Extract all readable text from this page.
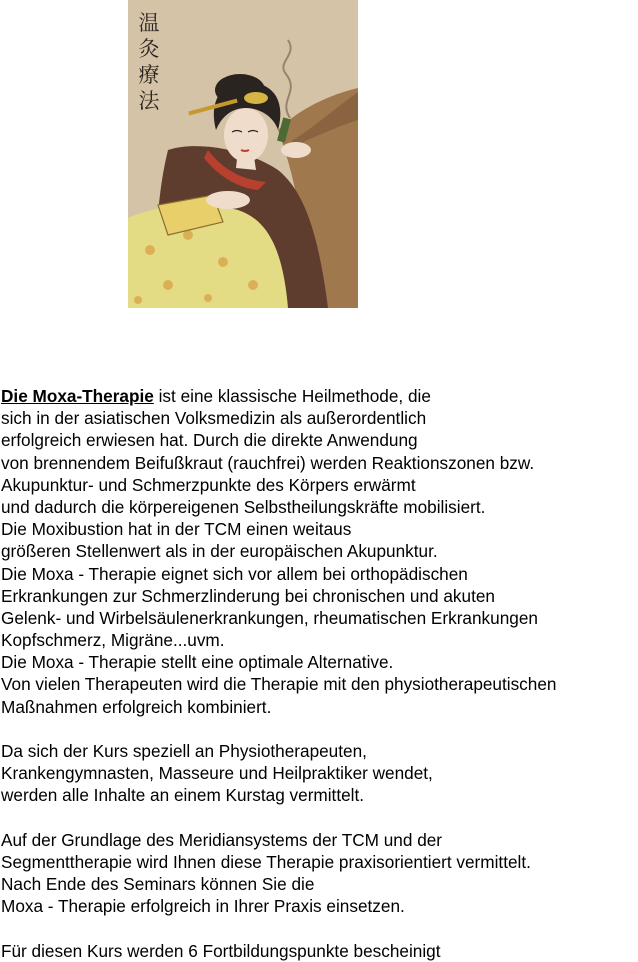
温
灸
療
法
Die Moxa-Therapie ist eine klassische Heilmethode, die
sich in der asiatischen Volksmedizin als außerordentlich
erfolgreich erwiesen hat. Durch die direkte Anwendung
von brennendem Beifußkraut (rauchfrei) werden Reaktionszonen bzw.
Akupunktur- und Schmerzpunkte des Körpers erwärmt
und dadurch die körpereigenen Selbstheilungskräfte mobilisiert.
Die Moxibustion hat in der TCM einen weitaus
größeren Stellenwert als in der europäischen Akupunktur.
Die Moxa - Therapie eignet sich vor allem bei orthopädischen
Erkrankungen zur Schmerzlinderung bei chronischen und akuten
Gelenk- und Wirbelsäulenerkrankungen, rheumatischen Erkrankungen
Kopfschmerz, Migräne...uvm.
Die Moxa - Therapie stellt eine optimale Alternative.
Von vielen Therapeuten wird die Therapie mit den physiotherapeutischen
Maßnahmen erfolgreich kombiniert.
Da sich der Kurs speziell an Physiotherapeuten,
Krankengymnasten, Masseure und Heilpraktiker wendet,
werden alle Inhalte an einem Kurstag vermittelt.
Auf der Grundlage des Meridiansystems der TCM und der
Segmenttherapie wird Ihnen diese Therapie praxisorientiert vermittelt.
Nach Ende des Seminars können Sie die
Moxa - Therapie erfolgreich in Ihrer Praxis einsetzen.
Für diesen Kurs werden 6 Fortbildungspunkte bescheinigt
